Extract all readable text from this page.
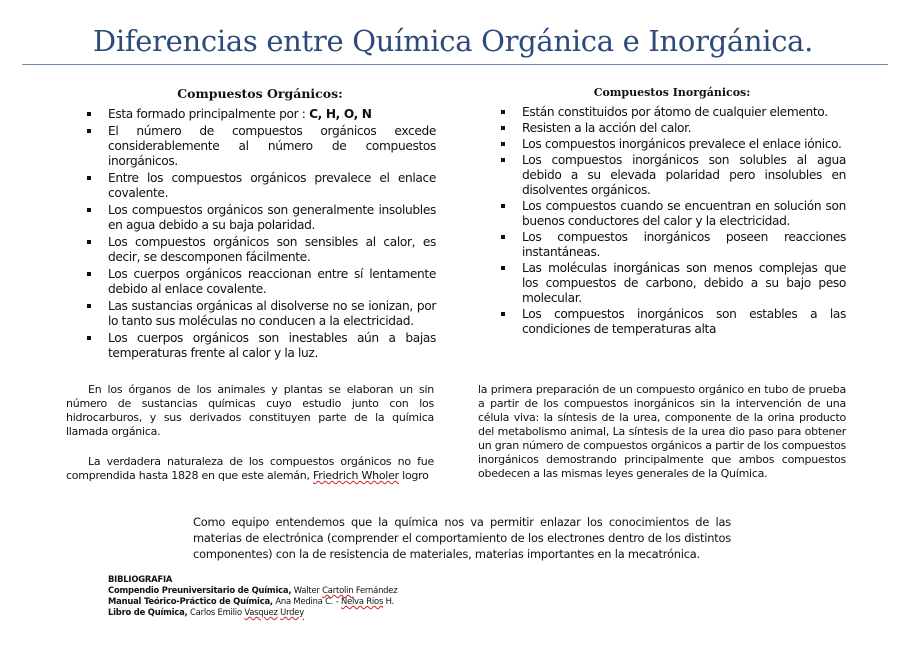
Diferencias entre Química Orgánica e Inorgánica.
Compuestos Orgánicos:
Esta formado principalmente por : C, H, O, N
El número de compuestos orgánicos excede considerablemente al número de compuestos inorgánicos.
Entre los compuestos orgánicos prevalece el enlace covalente.
Los compuestos orgánicos son generalmente insolubles en agua debido a su baja polaridad.
Los compuestos orgánicos son sensibles al calor, es decir, se descomponen fácilmente.
Los cuerpos orgánicos reaccionan entre sí lentamente debido al enlace covalente.
Las sustancias orgánicas al disolverse no se ionizan, por lo tanto sus moléculas no conducen a la electricidad.
Los cuerpos orgánicos son inestables aún a bajas temperaturas frente al calor y la luz.
Compuestos Inorgánicos:
Están constituidos por átomo de cualquier elemento.
Resisten a la acción del calor.
Los compuestos inorgánicos prevalece el enlace iónico.
Los compuestos inorgánicos son solubles al agua debido a su elevada polaridad pero insolubles en disolventes orgánicos.
Los compuestos cuando se encuentran en solución son buenos conductores del calor y la electricidad.
Los compuestos inorgánicos poseen reacciones instantáneas.
Las moléculas inorgánicas son menos complejas que los compuestos de carbono, debido a su bajo peso molecular.
Los compuestos inorgánicos son estables a las condiciones de temperaturas alta

En los órganos de los animales y plantas se elaboran un sin número de sustancias químicas cuyo estudio junto con los hidrocarburos, y sus derivados constituyen parte de la química llamada orgánica.

La verdadera naturaleza de los compuestos orgánicos no fue comprendida hasta 1828 en que este alemán, Friedrich Wholer logro

la primera preparación de un compuesto orgánico en tubo de prueba a partir de los compuestos inorgánicos sin la intervención de una célula viva: la síntesis de la urea, componente de la orina producto del metabolismo animal, La síntesis de la urea dio paso para obtener un gran número de compuestos orgánicos a partir de los compuestos inorgánicos demostrando principalmente que ambos compuestos obedecen a las mismas leyes generales de la Química.

Como equipo entendemos que la química nos va permitir enlazar los conocimientos de las materias de electrónica (comprender el comportamiento de los electrones dentro de los distintos componentes) con la de resistencia de materiales, materias importantes en la mecatrónica.

BIBLIOGRAFIA
Compendio Preuniversitario de Química, Walter Cartolin Fernández
Manual Teórico-Práctico de Química, Ana Medina C. - Nelva Rios H.
Libro de Química, Carlos Emilio Vasquez Urdey
